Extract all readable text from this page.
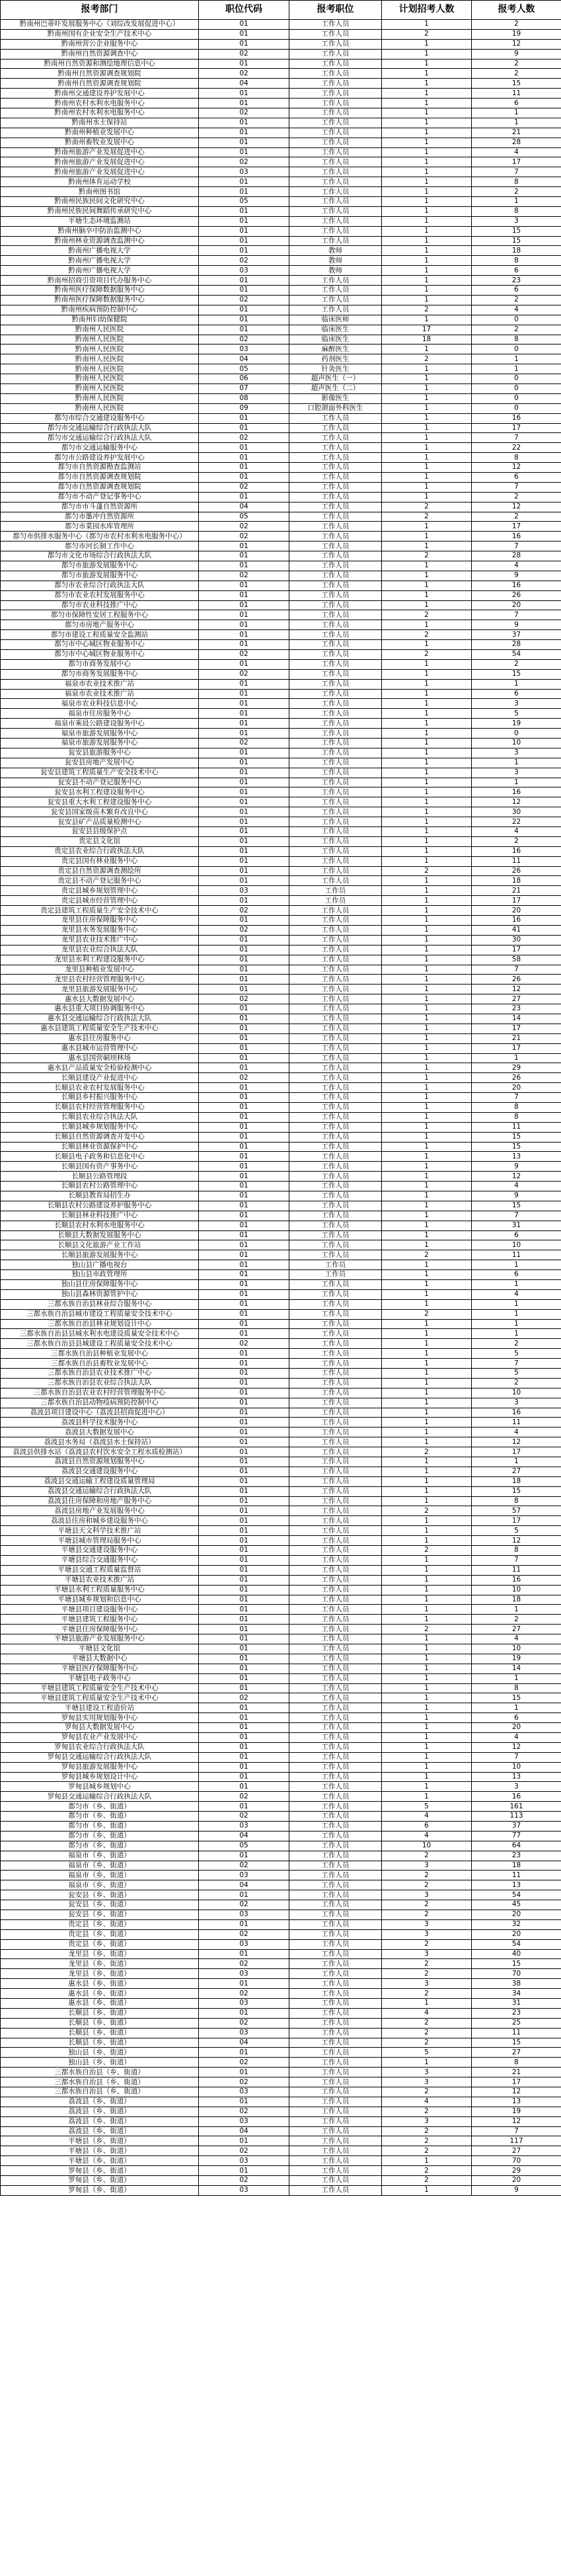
报考部门	职位代码	报考职位	计划招考人数	报考人数
黔南州巴蒂吓发展服务中心（刘综改发展促进中心）	01	工作人员	1	2
黔南州国有企业安全生产技术中心	01	工作人员	2	19
黔南州营公企业服务中心	01	工作人员	1	12
黔南州自然资源调查中心	02	工作人员	1	9
黔南州自然资源和测绘地理信息中心	01	工作人员	1	2
黔南州自然资源调查规划院	02	工作人员	1	2
黔南州自然资源调查规划院	04	工作人员	1	15
黔南州交通建设养护发展中心	01	工作人员	1	11
黔南州农村水利水电服务中心	01	工作人员	1	6
黔南州农村水利水电服务中心	02	工作人员	1	1
黔南州水土保持站	01	工作人员	1	1
黔南州种植业发展中心	01	工作人员	1	21
黔南州畜牧业发展中心	01	工作人员	1	28
黔南州旅游产业发展促进中心	01	工作人员	1	4
黔南州旅游产业发展促进中心	02	工作人员	1	17
黔南州旅游产业发展促进中心	03	工作人员	1	7
黔南州体育运动学校	01	工作人员	1	8
黔南州图书馆	01	工作人员	1	2
黔南州民族民间文化研究中心	05	工作人员	1	1
黔南州民族民间舞蹈传承研究中心	01	工作人员	1	8
平塘生态环境监测站	01	工作人员	1	3
黔南州脑卒中防治监测中心	01	工作人员	1	15
黔南州林业资源调查监测中心	01	工作人员	1	15
黔南州广播电视大学	01	教师	1	18
黔南州广播电视大学	02	教师	1	8
黔南州广播电视大学	03	教师	1	6
黔南州招商引资项目代办服务中心	01	工作人员	1	23
黔南州医疗保障数据服务中心	01	工作人员	1	6
黔南州医疗保障数据服务中心	02	工作人员	1	2
黔南州疾病预防控制中心	01	工作人员	2	4
黔南州妇幼保健院	01	临床医师	1	0
黔南州人民医院	01	临床医生	17	2
黔南州人民医院	02	临床医生	18	8
黔南州人民医院	03	麻醉医生	1	0
黔南州人民医院	04	药剂医生	2	1
黔南州人民医院	05	针灸医生	1	1
黔南州人民医院	06	超声医生（一）	1	0
黔南州人民医院	07	超声医生（二）	1	0
黔南州人民医院	08	影像医生	1	0
黔南州人民医院	09	口腔颌面外科医生	1	0
都匀市综合交通建设服务中心	01	工作人员	1	16
都匀市交通运输综合行政执法大队	01	工作人员	1	17
都匀市交通运输综合行政执法大队	02	工作人员	1	7
都匀市交通运输服务中心	01	工作人员	1	22
都匀市公路建设养护发展中心	01	工作人员	1	8
都匀市自然资源勘查监测站	01	工作人员	1	12
都匀市自然资源调查规划院	01	工作人员	1	6
都匀市自然资源调查规划院	02	工作人员	1	7
都匀市不动产登记事务中心	01	工作人员	1	2
都匀市市斗蓬自然资源所	04	工作人员	2	12
都匀市墨冲自然资源所	05	工作人员	2	2
都匀市菜园水库管理所	02	工作人员	1	17
都匀市供排水服务中心（都匀市农村水利水电服务中心）	02	工作人员	1	16
都匀市河长制工作中心	01	工作人员	1	7
都匀市文化市场综合行政执法大队	01	工作人员	2	28
都匀市旅游发展服务中心	01	工作人员	1	4
都匀市旅游发展服务中心	02	工作人员	1	9
都匀市农业综合行政执法大队	01	工作人员	1	16
都匀市农业农村发展服务中心	01	工作人员	1	26
都匀市农业科技推广中心	01	工作人员	1	20
都匀市保障性安居工程服务中心	01	工作人员	2	7
都匀市房地产服务中心	01	工作人员	1	9
都匀市建设工程质量安全监测站	01	工作人员	2	37
都匀市中心城区物业服务中心	01	工作人员	1	28
都匀市中心城区物业服务中心	02	工作人员	2	54
都匀市商务发展中心	01	工作人员	1	2
都匀市商务发展服务中心	02	工作人员	1	15
福泉市农业技术推广站	01	工作人员	1	1
福泉市农业技术推广站	01	工作人员	1	6
福泉市农业科技信息中心	01	工作人员	1	3
福泉市住房服务中心	01	工作人员	1	5
福泉市乘晨公路建设服务中心	01	工作人员	1	19
福泉市旅游发展服务中心	01	工作人员	1	0
福泉市旅游发展服务中心	02	工作人员	1	10
瓮安县旅游服务中心	01	工作人员	1	3
瓮安县房地产发展中心	01	工作人员	1	1
瓮安县建筑工程质量生产安全技术中心	01	工作人员	1	3
瓮安县不动产登记服务中心	01	工作人员	1	1
瓮安县水利工程建设服务中心	01	工作人员	1	16
瓮安县重大水利工程建设服务中心	01	工作人员	1	12
瓮安县国家级苗木繁育改良中心	01	工作人员	1	30
瓮安县矿产品质量检测中心	01	工作人员	1	22
瓮安县县级保护点	01	工作人员	1	4
贵定县文化馆	01	工作人员	1	2
贵定县农业综合行政执法大队	01	工作人员	1	16
贵定县国有林业服务中心	01	工作人员	1	11
贵定县自然资源调查测绘所	01	工作人员	2	26
贵定县不动产登记服务中心	01	工作人员	1	18
贵定县城乡规划管理中心	03	工作员	1	21
贵定县城市经营管理中心	01	工作员	1	17
贵定县建筑工程质量生产安全技术中心	02	工作人员	1	20
龙里县住房保障服务中心	01	工作人员	1	16
龙里县水务发展服务中心	02	工作人员	1	41
龙里县农业技术推广中心	01	工作人员	1	30
龙里县农业综合执法大队	01	工作人员	1	17
龙里县水利工程建设服务中心	01	工作人员	1	58
龙里县种植业发展中心	01	工作人员	1	7
龙里县农村经营管理服务中心	01	工作人员	1	26
龙里县旅游发展服务中心	01	工作人员	1	12
惠水县大数据发展中心	02	工作人员	1	27
惠水县重大项目协调服务中心	01	工作人员	1	23
惠水县交通运输综合行政执法大队	01	工作人员	1	14
惠水县建筑工程质量安全生产技术中心	01	工作人员	1	17
惠水县住房服务中心	01	工作人员	1	21
惠水县城市运营管理中心	01	工作人员	1	17
惠水县国营硐坝林场	01	工作人员	1	1
惠水县产品质量安全检验检测中心	01	工作人员	1	29
长顺县建设产业促进中心	02	工作人员	1	26
长顺县农业农村发展服务中心	01	工作人员	1	20
长顺县乡村振兴服务中心	01	工作人员	1	7
长顺县农村经营管理服务中心	01	工作人员	1	8
长顺县农业综合执法大队	01	工作人员	1	8
长顺县城乡规划服务中心	01	工作人员	1	11
长顺县自然资源调查开发中心	01	工作人员	1	15
长顺县林业资源保护中心	01	工作人员	1	15
长顺县电子政务和信息化中心	01	工作人员	1	13
长顺县国有资产事务中心	01	工作人员	1	9
长顺县公路管理段	01	工作人员	1	12
长顺县农村公路管理中心	01	工作人员	1	4
长顺县教育局招生办	01	工作人员	1	9
长顺县农村公路建设养护服务中心	01	工作人员	1	15
长顺县林业科技推广中心	01	工作人员	1	7
长顺县农村水利水电服务中心	01	工作人员	1	31
长顺县大数据发展服务中心	01	工作人员	1	6
长顺县文化旅游产业工作站	01	工作人员	1	10
长顺县旅游发展服务中心	01	工作人员	2	11
独山县广播电视台	01	工作员	1	1
独山县市政管理所	01	工作员	1	6
独山县住房保障服务中心	01	工作人员	1	1
独山县森林资源管护中心	01	工作人员	1	4
三都水族自治县林业综合服务中心	01	工作人员	1	1
三都水族自治县城市建设工程质量安全技术中心	01	工作人员	2	1
三都水族自治县林业规划设计中心	01	工作人员	1	1
三都水族自治县县城水利水电建设质量安全技术中心	01	工作人员	1	1
三都水族自治县县城建设工程质量安全技术中心	02	工作人员	1	2
三都水族自治县种植业发展中心	01	工作人员	1	5
三都水族自治县畜牧业发展中心	01	工作人员	1	7
三都水族自治县农业技术推广中心	01	工作人员	1	5
三都水族自治县农业综合执法大队	01	工作人员	1	2
三都水族自治县农业农村经营管理服务中心	01	工作人员	1	10
三都水族自治县动物疫病预防控制中心	01	工作人员	1	3
荔波县项目建设中心（荔波县招商促进中心）	01	工作人员	1	16
荔波县科学技术服务中心	01	工作人员	1	11
荔波县大数据发展中心	01	工作人员	1	4
荔波县水务局（荔波县水土保持站）	01	工作人员	1	12
荔波县供排水站（荔波县农村饮水安全工程水质检测站）	01	工作人员	2	17
荔波县自然资源规划服务中心	01	工作人员	1	1
荔波县交通建设服务中心	01	工作人员	1	27
荔波县交通运输工程建设质量管理局	01	工作人员	1	18
荔波县交通运输综合行政执法大队	01	工作人员	1	15
荔波县住房保障和房地产服务中心	01	工作人员	1	8
荔波县房地产业发展服务中心	01	工作人员	2	57
荔波县住房和城乡建设服务中心	01	工作人员	1	17
平塘县天文科学技术推广站	01	工作人员	1	5
平塘县城市管理局服务中心	01	工作人员	1	12
平塘县交通建设服务中心	01	工作人员	2	8
平塘县综合交通服务中心	01	工作人员	1	7
平塘县交通工程质量监督站	01	工作人员	1	11
平塘县农业技术推广站	01	工作人员	1	16
平塘县水利工程质量服务中心	01	工作人员	1	10
平塘县城乡规划和信息中心	01	工作人员	1	18
平塘县项目建设服务中心	01	工作人员	1	1
平塘县建筑工程服务中心	01	工作人员	1	2
平塘县住房保障服务中心	01	工作人员	2	27
平塘县旅游产业发展服务中心	01	工作人员	1	4
平塘县文化馆	01	工作人员	1	10
平塘县大数据中心	01	工作人员	1	19
平塘县医疗保障服务中心	01	工作人员	1	14
平塘县电子政务中心	01	工作人员	1	1
平塘县建筑工程质量安全生产技术中心	01	工作人员	1	8
平塘县建筑工程质量安全生产技术中心	02	工作人员	1	15
平塘县建设工程造价站	01	工作人员	1	1
罗甸县实用规划服务中心	01	工作人员	1	6
罗甸县大数据发展中心	01	工作人员	1	20
罗甸县农业产业发展中心	01	工作人员	1	4
罗甸县农业综合行政执法大队	01	工作人员	1	12
罗甸县交通运输综合行政执法大队	01	工作人员	1	7
罗甸县旅游发展服务中心	01	工作人员	1	10
罗甸县城乡规划设计中心	01	工作人员	1	13
罗甸县城乡规划中心	01	工作人员	1	3
罗甸县交通运输综合行政执法大队	02	工作人员	1	16
都匀市（乡、街道）	01	工作人员	5	161
都匀市（乡、街道）	02	工作人员	4	113
都匀市（乡、街道）	03	工作人员	6	37
都匀市（乡、街道）	04	工作人员	4	77
都匀市（乡、街道）	05	工作人员	10	64
福泉市（乡、街道）	01	工作人员	2	23
福泉市（乡、街道）	02	工作人员	3	18
福泉市（乡、街道）	03	工作人员	2	11
福泉市（乡、街道）	04	工作人员	2	13
瓮安县（乡、街道）	01	工作人员	3	54
瓮安县（乡、街道）	02	工作人员	2	45
瓮安县（乡、街道）	03	工作人员	2	20
贵定县（乡、街道）	01	工作人员	3	32
贵定县（乡、街道）	02	工作人员	3	20
贵定县（乡、街道）	03	工作人员	2	54
龙里县（乡、街道）	01	工作人员	3	40
龙里县（乡、街道）	02	工作人员	2	15
龙里县（乡、街道）	03	工作人员	2	70
惠水县（乡、街道）	01	工作人员	3	38
惠水县（乡、街道）	02	工作人员	2	34
惠水县（乡、街道）	03	工作人员	1	31
长顺县（乡、街道）	01	工作人员	4	23
长顺县（乡、街道）	02	工作人员	2	25
长顺县（乡、街道）	03	工作人员	2	11
长顺县（乡、街道）	04	工作人员	2	15
独山县（乡、街道）	01	工作人员	5	27
独山县（乡、街道）	02	工作人员	1	8
三都水族自治县（乡、街道）	01	工作人员	3	21
三都水族自治县（乡、街道）	02	工作人员	3	17
三都水族自治县（乡、街道）	03	工作人员	2	12
荔波县（乡、街道）	01	工作人员	4	13
荔波县（乡、街道）	02	工作人员	2	19
荔波县（乡、街道）	03	工作人员	3	12
荔波县（乡、街道）	04	工作人员	2	7
平塘县（乡、街道）	01	工作人员	2	117
平塘县（乡、街道）	02	工作人员	2	27
平塘县（乡、街道）	03	工作人员	1	70
罗甸县（乡、街道）	01	工作人员	2	29
罗甸县（乡、街道）	02	工作人员	2	20
罗甸县（乡、街道）	03	工作人员	1	9
